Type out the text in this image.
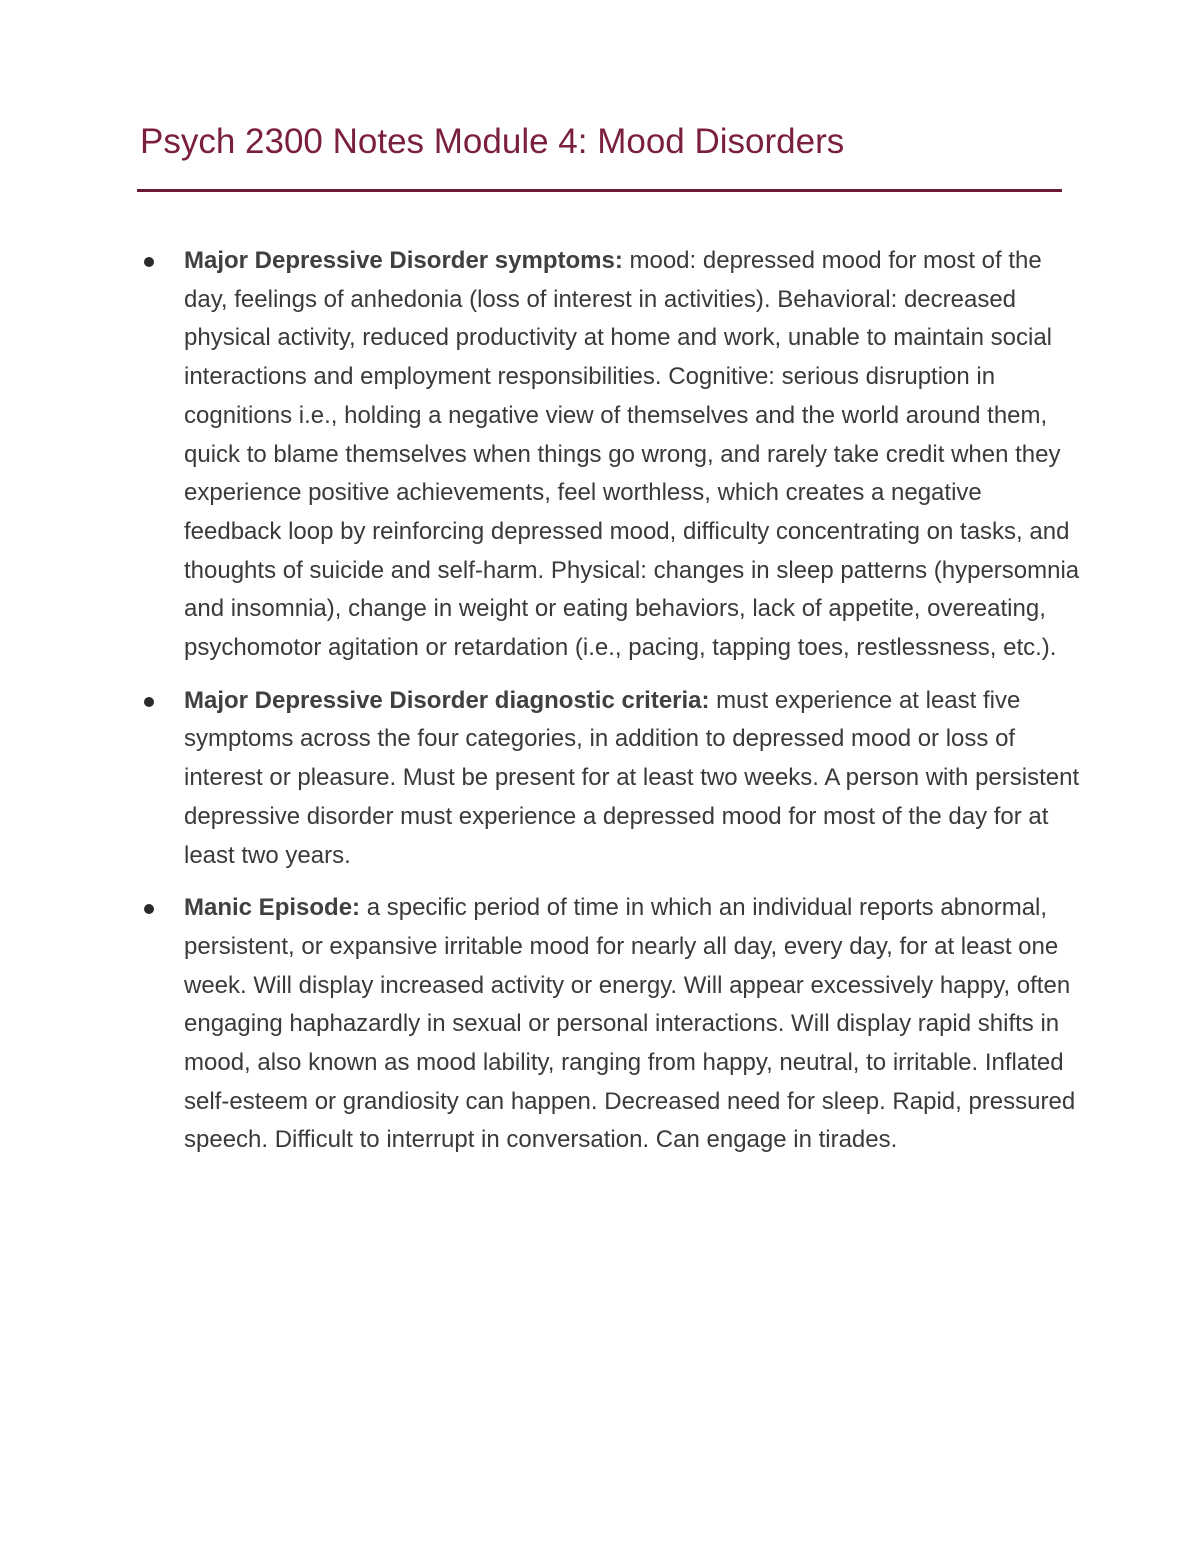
Psych 2300 Notes Module 4: Mood Disorders
Major Depressive Disorder symptoms: mood: depressed mood for most of the day, feelings of anhedonia (loss of interest in activities). Behavioral: decreased physical activity, reduced productivity at home and work, unable to maintain social interactions and employment responsibilities. Cognitive: serious disruption in cognitions i.e., holding a negative view of themselves and the world around them, quick to blame themselves when things go wrong, and rarely take credit when they experience positive achievements, feel worthless, which creates a negative feedback loop by reinforcing depressed mood, difficulty concentrating on tasks, and thoughts of suicide and self-harm. Physical: changes in sleep patterns (hypersomnia and insomnia), change in weight or eating behaviors, lack of appetite, overeating, psychomotor agitation or retardation (i.e., pacing, tapping toes, restlessness, etc.).
Major Depressive Disorder diagnostic criteria: must experience at least five symptoms across the four categories, in addition to depressed mood or loss of interest or pleasure. Must be present for at least two weeks. A person with persistent depressive disorder must experience a depressed mood for most of the day for at least two years.
Manic Episode: a specific period of time in which an individual reports abnormal, persistent, or expansive irritable mood for nearly all day, every day, for at least one week. Will display increased activity or energy. Will appear excessively happy, often engaging haphazardly in sexual or personal interactions. Will display rapid shifts in mood, also known as mood lability, ranging from happy, neutral, to irritable. Inflated self-esteem or grandiosity can happen. Decreased need for sleep. Rapid, pressured speech. Difficult to interrupt in conversation. Can engage in tirades.
